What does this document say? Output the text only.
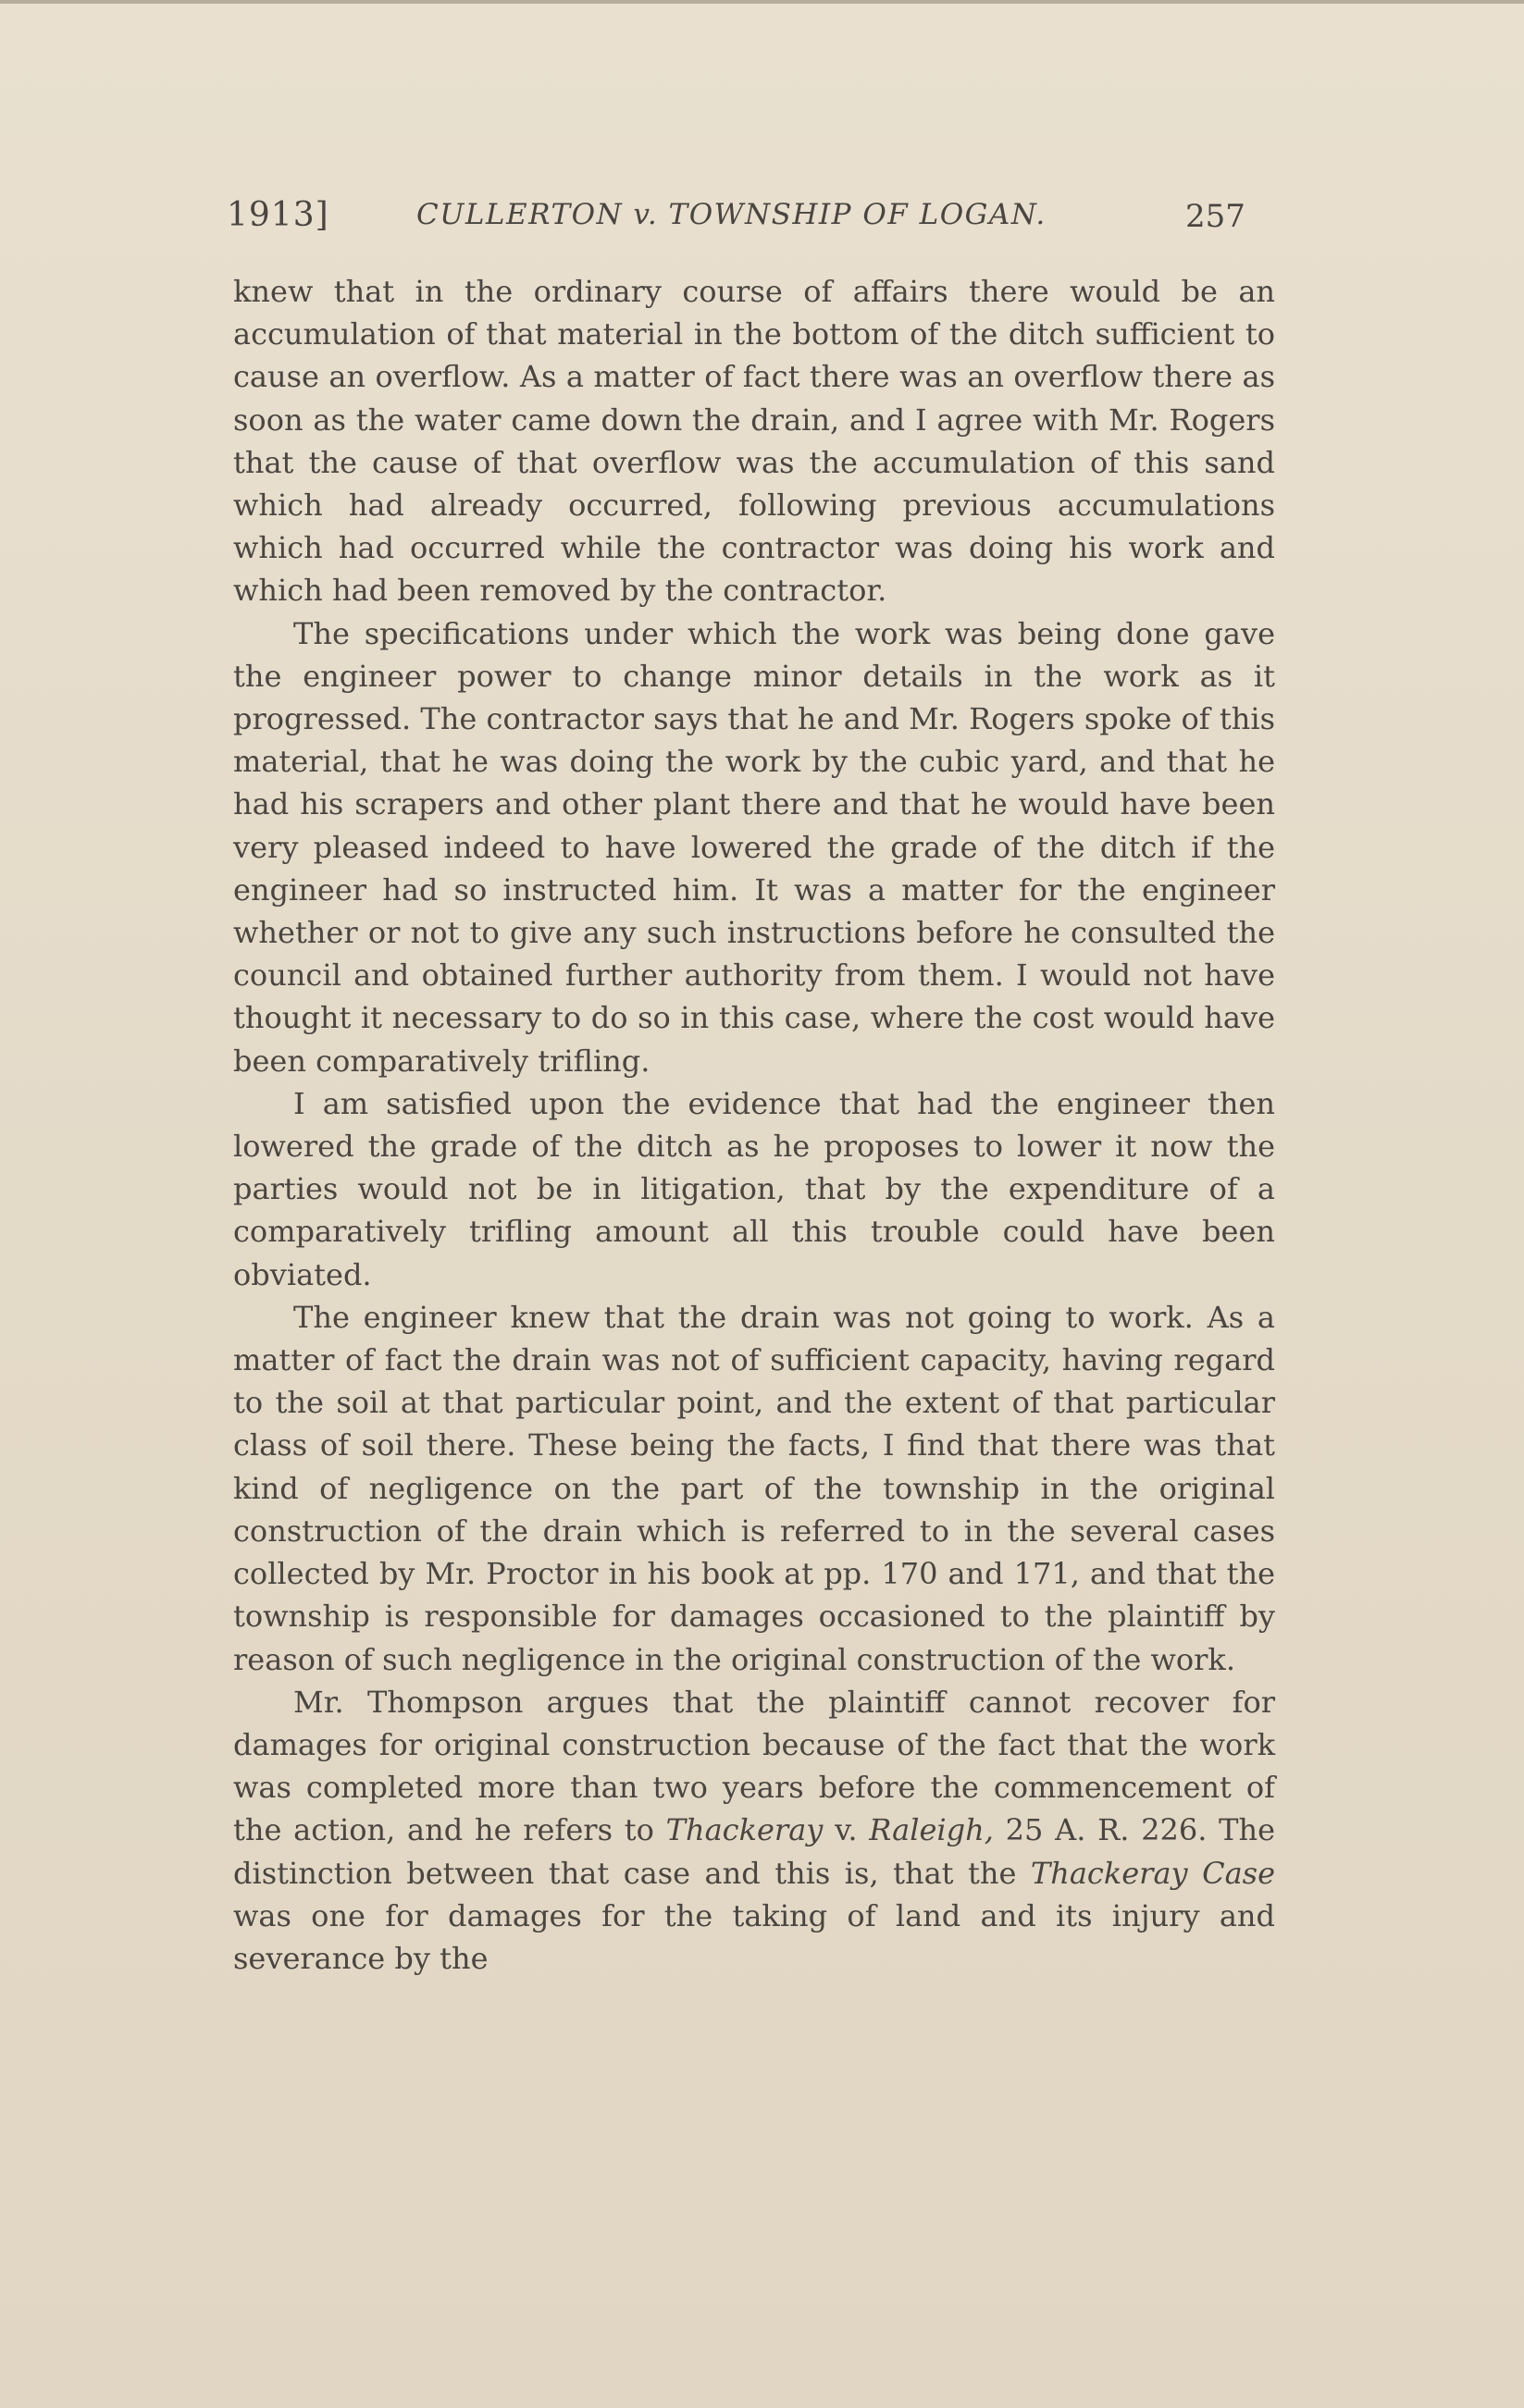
1913]	CULLERTON v. TOWNSHIP OF LOGAN.	257

knew that in the ordinary course of affairs there would be an accumulation of that material in the bottom of the ditch sufficient to cause an overflow. As a matter of fact there was an overflow there as soon as the water came down the drain, and I agree with Mr. Rogers that the cause of that overflow was the accumulation of this sand which had already occurred, following previous accumulations which had occurred while the contractor was doing his work and which had been removed by the contractor.

The specifications under which the work was being done gave the engineer power to change minor details in the work as it progressed. The contractor says that he and Mr. Rogers spoke of this material, that he was doing the work by the cubic yard, and that he had his scrapers and other plant there and that he would have been very pleased indeed to have lowered the grade of the ditch if the engineer had so instructed him. It was a matter for the engineer whether or not to give any such instructions before he consulted the council and obtained further authority from them. I would not have thought it necessary to do so in this case, where the cost would have been comparatively trifling.

I am satisfied upon the evidence that had the engineer then lowered the grade of the ditch as he proposes to lower it now the parties would not be in litigation, that by the expenditure of a comparatively trifling amount all this trouble could have been obviated.

The engineer knew that the drain was not going to work. As a matter of fact the drain was not of sufficient capacity, having regard to the soil at that particular point, and the extent of that particular class of soil there. These being the facts, I find that there was that kind of negligence on the part of the township in the original construction of the drain which is referred to in the several cases collected by Mr. Proctor in his book at pp. 170 and 171, and that the township is responsible for damages occasioned to the plaintiff by reason of such negligence in the original construction of the work.

Mr. Thompson argues that the plaintiff cannot recover for damages for original construction because of the fact that the work was completed more than two years before the commencement of the action, and he refers to Thackeray v. Raleigh, 25 A. R. 226. The distinction between that case and this is, that the Thackeray Case was one for damages for the taking of land and its injury and severance by the
